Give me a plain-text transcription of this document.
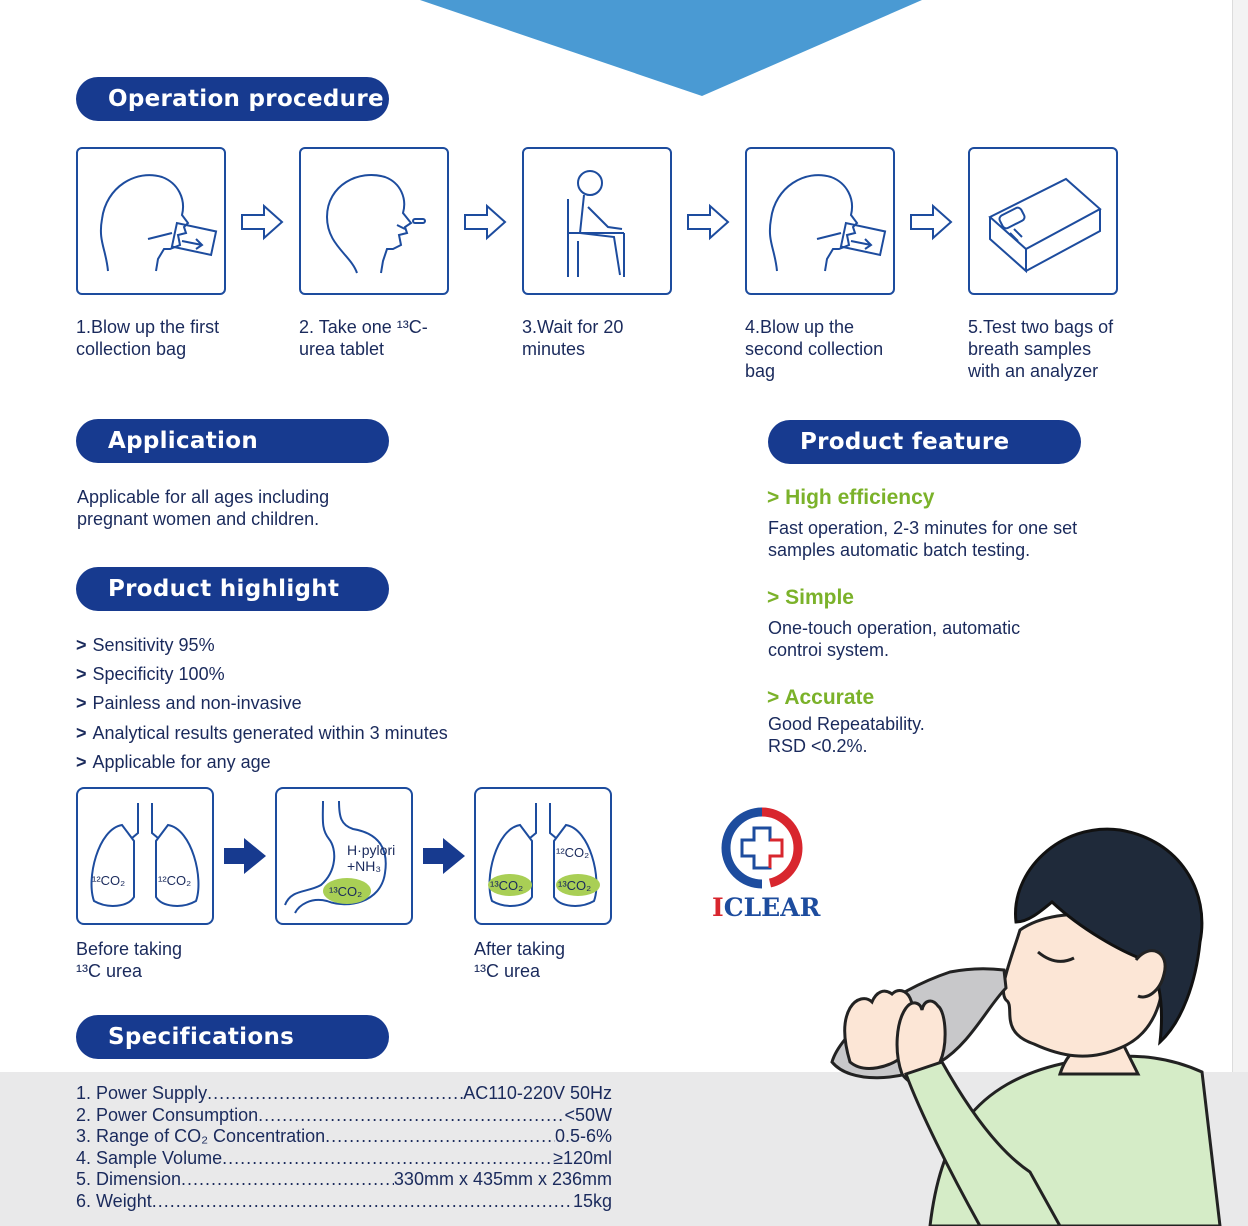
Operation procedure
Application
Product highlight
Product feature
Specifications
1.Blow up the first
collection bag
2. Take one ¹³C-
urea tablet
3.Wait for 20
minutes
4.Blow up the
second collection
bag
5.Test two bags of
breath samples
with an analyzer
Applicable for all ages including
pregnant women and children.
> Sensitivity 95%
> Specificity 100%
> Painless and non-invasive
> Analytical results generated within 3 minutes
> Applicable for any age
¹²CO₂	¹²CO₂
H·pylori
+NH₃
¹³CO₂
¹²CO₂
¹³CO₂	¹³CO₂
Before taking
¹³C urea
After taking
¹³C urea
> High efficiency
Fast operation, 2-3 minutes for one set
samples automatic batch testing.
> Simple
One-touch operation, automatic
controi system.
> Accurate
Good Repeatability.
RSD <0.2%.
1. Power Supply .....	AC110-220V 50Hz
2. Power Consumption .....	<50W
3. Range of CO₂ Concentration .....	0.5-6%
4. Sample Volume .....	≥120ml
5. Dimension .....	330mm x 435mm x 236mm
6. Weight .....	15kg
ICLEAR
